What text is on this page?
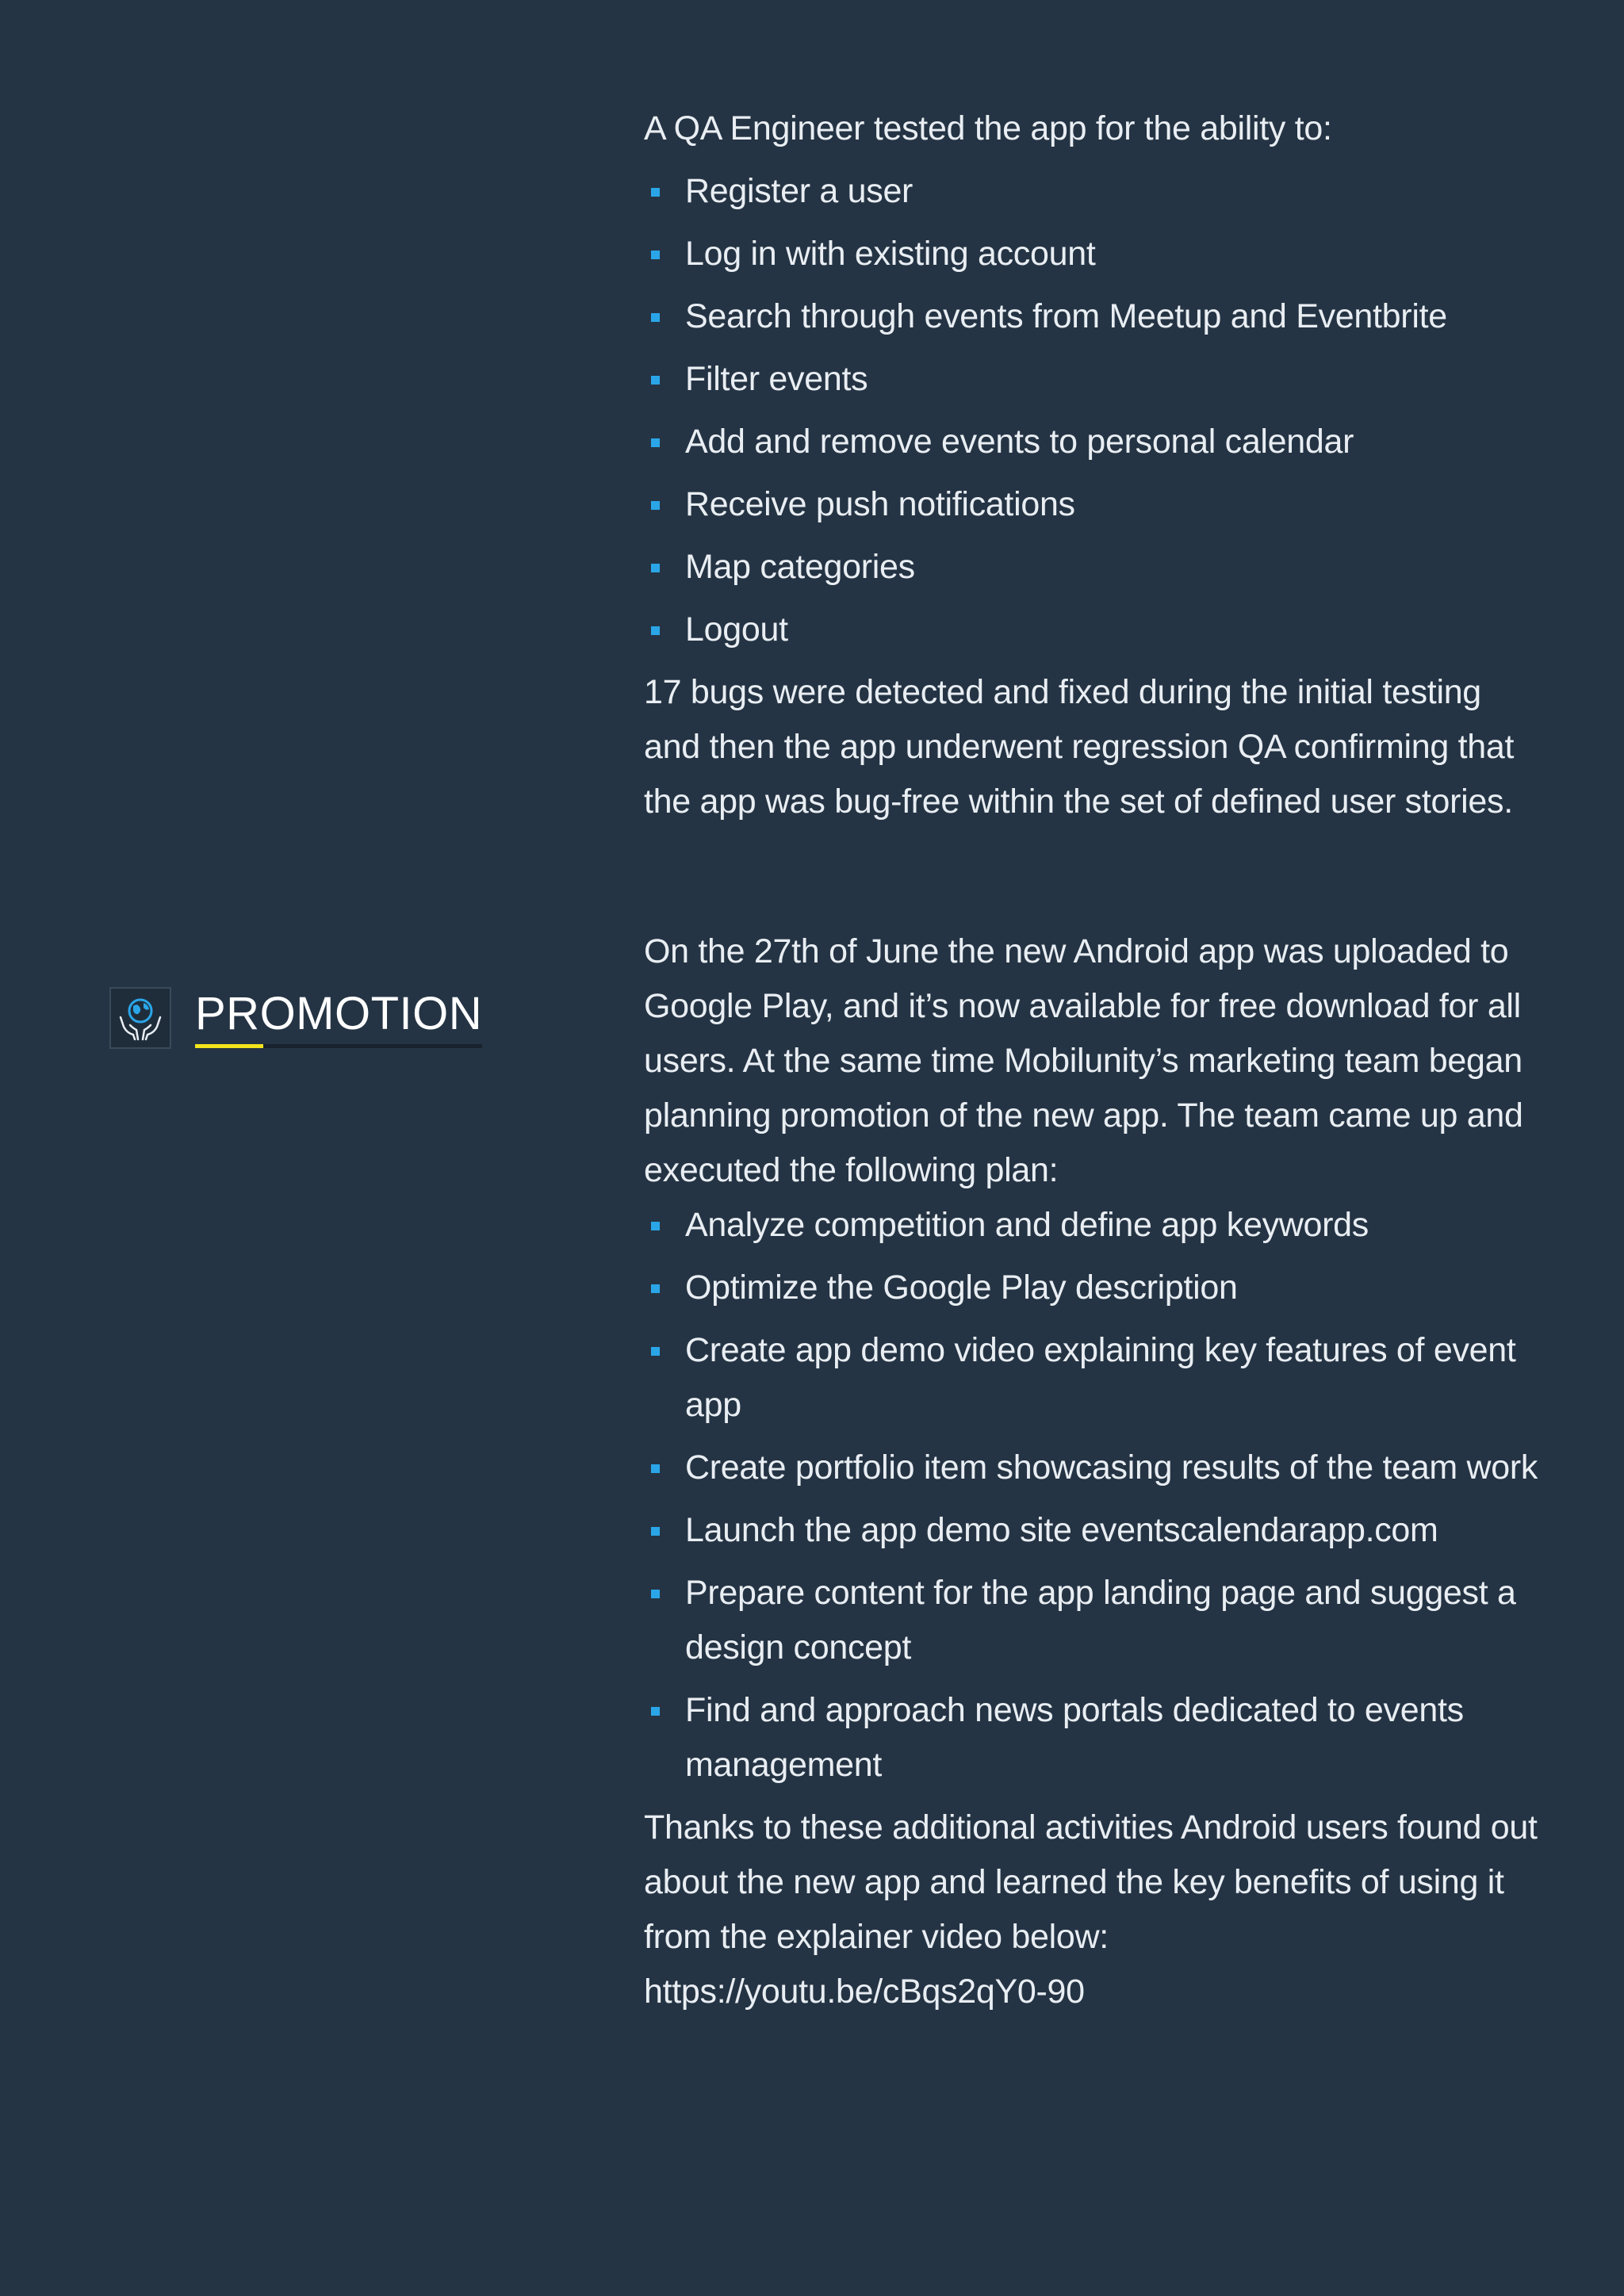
PROMOTION

A QA Engineer tested the app for the ability to:

Register a user
Log in with existing account
Search through events from Meetup and Eventbrite
Filter events
Add and remove events to personal calendar
Receive push notifications
Map categories
Logout

17 bugs were detected and fixed during the initial testing and then the app underwent regression QA confirming that the app was bug-free within the set of defined user stories.

On the 27th of June the new Android app was uploaded to Google Play, and it’s now available for free download for all users. At the same time Mobilunity’s marketing team began planning promotion of the new app. The team came up and executed the following plan:

Analyze competition and define app keywords
Optimize the Google Play description
Create app demo video explaining key features of event app
Create portfolio item showcasing results of the team work
Launch the app demo site eventscalendarapp.com
Prepare content for the app landing page and suggest a design concept
Find and approach news portals dedicated to events management

Thanks to these additional activities Android users found out about the new app and learned the key benefits of using it from the explainer video below:

https://youtu.be/cBqs2qY0-90
